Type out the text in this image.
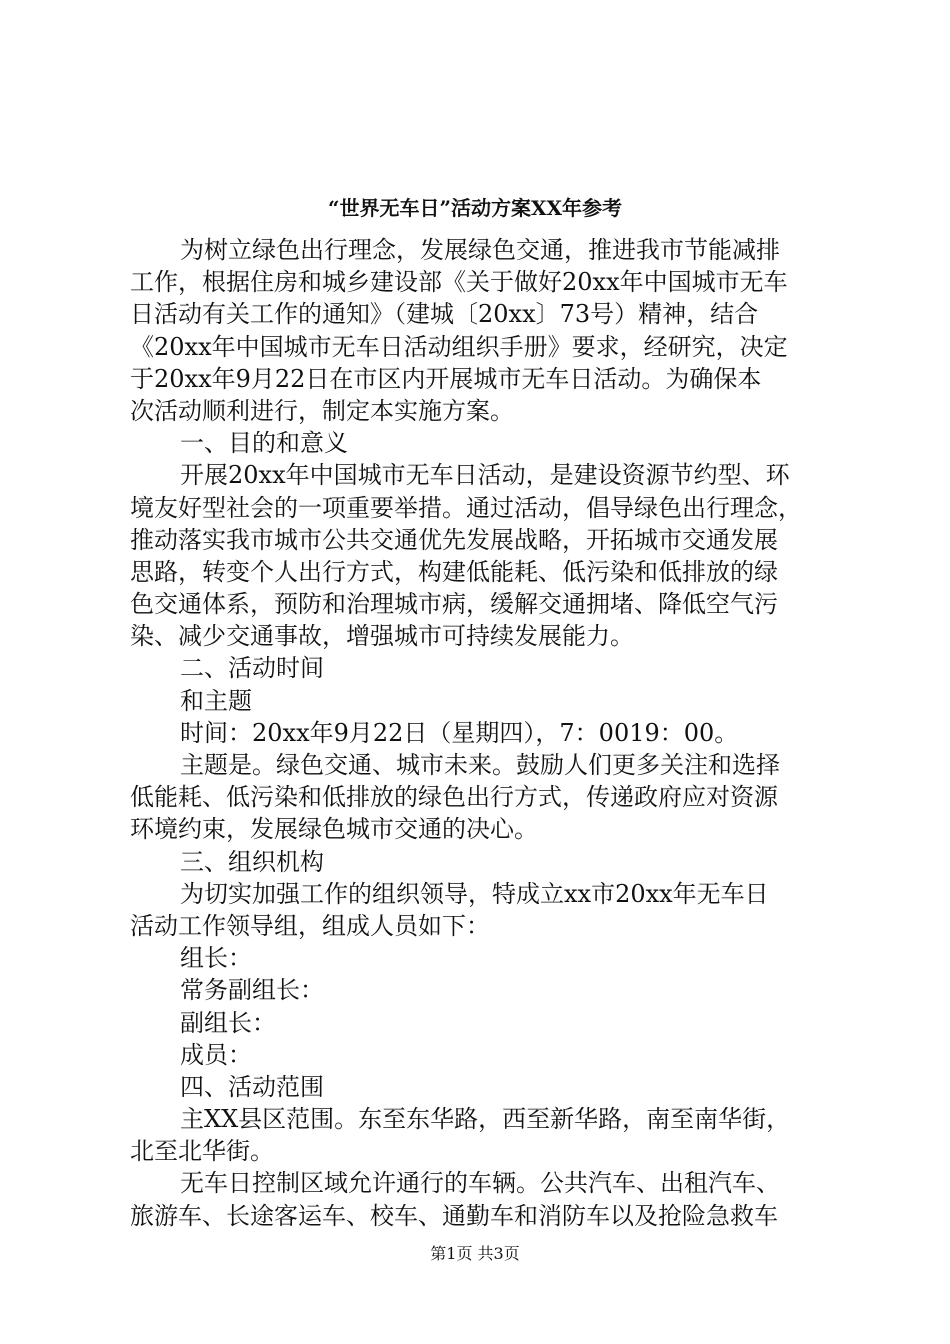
“世界无车日”活动方案XX年参考
为树立绿色出行理念，发展绿色交通，推进我市节能减排
工作，根据住房和城乡建设部《关于做好20xx年中国城市无车
日活动有关工作的通知》（建城〔20xx〕73号）精神，结合
《20xx年中国城市无车日活动组织手册》要求，经研究，决定
于20xx年9月22日在市区内开展城市无车日活动。为确保本
次活动顺利进行，制定本实施方案。
一、目的和意义
开展20xx年中国城市无车日活动，是建设资源节约型、环
境友好型社会的一项重要举措。通过活动，倡导绿色出行理念，
推动落实我市城市公共交通优先发展战略，开拓城市交通发展
思路，转变个人出行方式，构建低能耗、低污染和低排放的绿
色交通体系，预防和治理城市病，缓解交通拥堵、降低空气污
染、减少交通事故，增强城市可持续发展能力。
二、活动时间
和主题
时间：20xx年9月22日（星期四），7：0019：00。
主题是。绿色交通、城市未来。鼓励人们更多关注和选择
低能耗、低污染和低排放的绿色出行方式，传递政府应对资源
环境约束，发展绿色城市交通的决心。
三、组织机构
为切实加强工作的组织领导，特成立xx市20xx年无车日
活动工作领导组，组成人员如下：
组长：
常务副组长：
副组长：
成员：
四、活动范围
主XX县区范围。东至东华路，西至新华路，南至南华街，
北至北华街。
无车日控制区域允许通行的车辆。公共汽车、出租汽车、
旅游车、长途客运车、校车、通勤车和消防车以及抢险急救车
第1页 共3页
